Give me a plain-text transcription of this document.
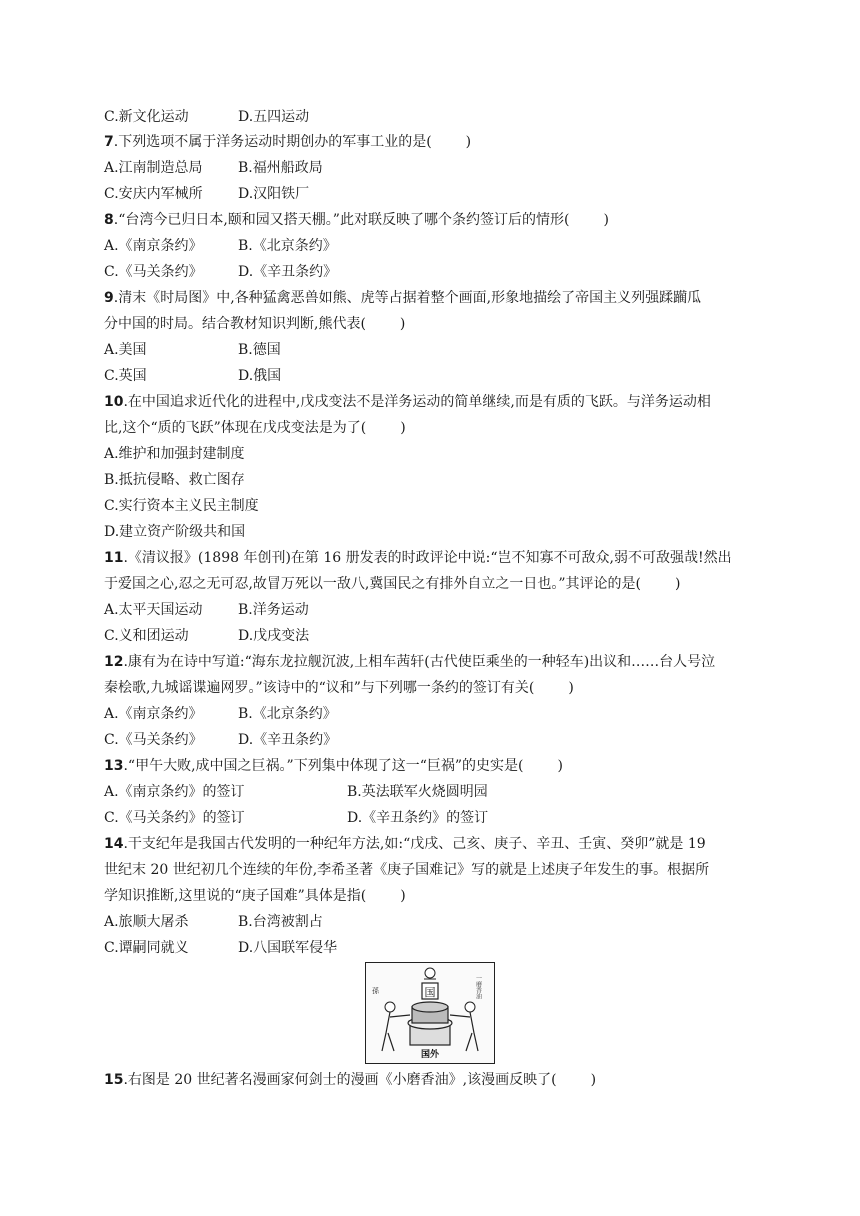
C.新文化运动	D.五四运动
7.下列选项不属于洋务运动时期创办的军事工业的是( )
A.江南制造总局	B.福州船政局
C.安庆内军械所	D.汉阳铁厂
8.“台湾今已归日本,颐和园又搭天棚。”此对联反映了哪个条约签订后的情形( )
A.《南京条约》	B.《北京条约》
C.《马关条约》	D.《辛丑条约》
9.清末《时局图》中,各种猛禽恶兽如熊、虎等占据着整个画面,形象地描绘了帝国主义列强蹂躏瓜
分中国的时局。结合教材知识判断,熊代表( )
A.美国	B.德国
C.英国	D.俄国
10.在中国追求近代化的进程中,戊戌变法不是洋务运动的简单继续,而是有质的飞跃。与洋务运动相
比,这个“质的飞跃”体现在戊戌变法是为了( )
A.维护和加强封建制度
B.抵抗侵略、救亡图存
C.实行资本主义民主制度
D.建立资产阶级共和国
11.《清议报》(1898 年创刊)在第 16 册发表的时政评论中说:“岂不知寡不可敌众,弱不可敌强哉!然出
于爱国之心,忍之无可忍,故冒万死以一敌八,冀国民之有排外自立之一日也。”其评论的是( )
A.太平天国运动	B.洋务运动
C.义和团运动	D.戊戌变法
12.康有为在诗中写道:“海东龙拉舰沉波,上相车茜轩(古代使臣乘坐的一种轻车)出议和……台人号泣
秦桧歌,九城谣谍遍网罗。”该诗中的“议和”与下列哪一条约的签订有关( )
A.《南京条约》	B.《北京条约》
C.《马关条约》	D.《辛丑条约》
13.“甲午大败,成中国之巨祸。”下列集中体现了这一“巨祸”的史实是( )
A.《南京条约》的签订	B.英法联军火烧圆明园
C.《马关条约》的签订	D.《辛丑条约》的签订
14.干支纪年是我国古代发明的一种纪年方法,如:“戊戌、己亥、庚子、辛丑、壬寅、癸卯”就是 19
世纪末 20 世纪初几个连续的年份,李希圣著《庚子国难记》写的就是上述庚子年发生的事。根据所
学知识推断,这里说的“庚子国难”具体是指( )
A.旅顺大屠杀	B.台湾被割占
C.谭嗣同就义	D.八国联军侵华
国
国外
孫	一磨香油
15.右图是 20 世纪著名漫画家何剑士的漫画《小磨香油》,该漫画反映了( )
